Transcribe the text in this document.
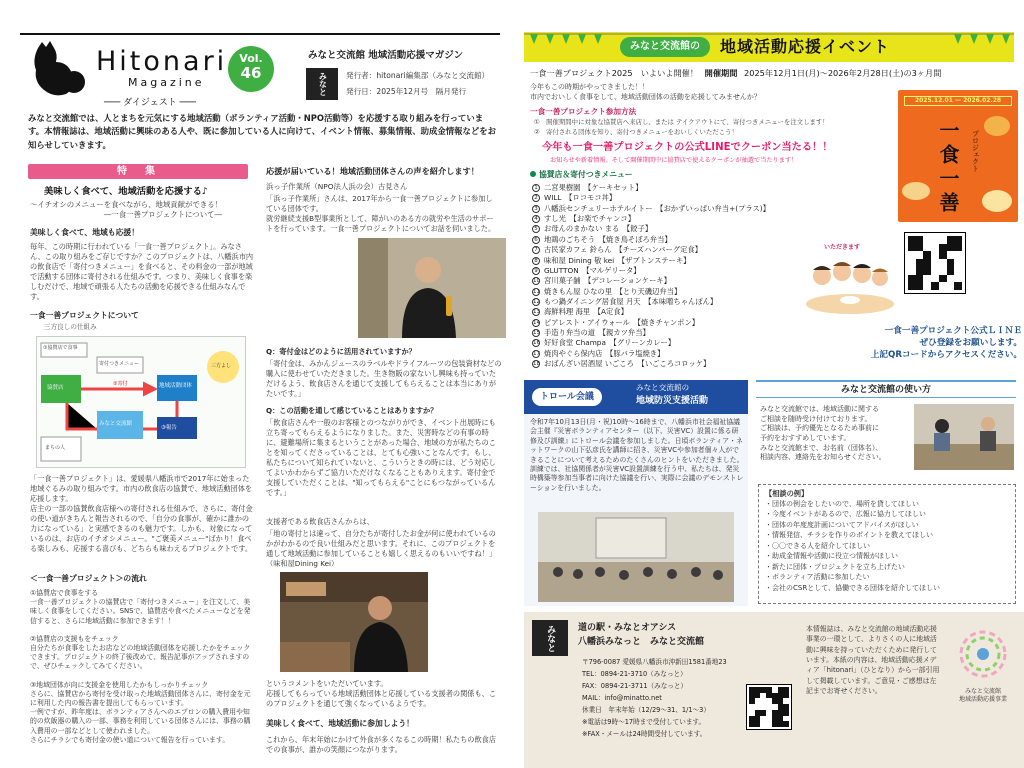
Hitonari
Magazine
─── ダイジェスト ───
Vol.
46
みなと交流館 地域活動応援マガジン
みなと 発行者：hitonari編集部（みなと交流館）
発行日：2025年12月号　隔月発行
みなと交流館では、人とまちを元気にする地域活動（ボランティア活動・NPO活動等）を応援する取り組みを行っています。本情報誌は、地域活動に興味のある人や、既に参加している人に向けて、イベント情報、募集情報、助成金情報などをお知らせしていきます。
特　集
美味しく食べて、地域活動を応援する♪
～イチオシのメニューを食べながら、地域貢献ができる！
　　　　　　　　　　―一食一善プロジェクトについて―
美味しく食べて、地域も応援！
毎年、この時期に行われている「一食一善プロジェクト」。みなさん、この取り組みをご存じですか？このプロジェクトは、八幡浜市内の飲食店で「寄付つきメニュー」を食べると、その料金の一部が地域で活動する団体に寄付される仕組みです。つまり、美味しく食事を楽しむだけで、地域で頑張る人たちの活動を応援できる仕組みなんです。
一食一善プロジェクトについて
三方良しの仕組み
①協賛店で食事
寄付つきメニュー
地域活動団体
協賛店
②寄付
みなと交流館
③報告
まちの人
三方よし
「一食一善プロジェクト」は、愛媛県八幡浜市で2017年に始まった地域ぐるみの取り組みです。市内の飲食店の協賛で、地域活動団体を応援します。
店主の一部の協賛飲食店様への寄付される仕組みで、さらに、寄付金の使い道がきちんと報告されるので、「自分の食事が、確かに誰かの力になっている」と実感できるのも魅力です。しかも、対象になっているのは、お店のイチオシメニュー。"ご褒美メニュー"ばかり！食べる楽しみも、応援する喜びも、どちらも味わえるプロジェクトです。
＜一食一善プロジェクト＞の流れ
①協賛店で食事をする
一食一善プロジェクトの協賛店で「寄付つきメニュー」を注文して、美味しく食事をしてください。SNSで、協賛店や食べたメニューなどを発信すると、さらに地域活動に参加できます！！

②協賛店の支援もをチェック
自分たちが食事をしたお店などの地域活動団体を応援したかをチェックできます。プロジェクトの終了後改めて、報告記事がアップされますので、ぜひチェックしてみてください。

③地域団体が向に支援金を使用したかもしっかりチェック
さらに、協賛店から寄付を受け取った地域活動団体さんに、寄付金を元に利用した内の報告書を提出してもらっています。
一例ですが、昨年度は、ボランティアさんへのエプロンの購入費用や知的の炊飯器の購入の一部、事務を利用している団体さんには、事務の購入費用の一部などとして使われました。
さらにチラシでも寄付金の使い道について報告を行っています。
応援が届いている！地域活動団体さんの声を紹介します！
浜っ子作業所（NPO法人浜の会）古見さん
「浜っ子作業所」さんは、2017年から一食一善プロジェクトに参加している団体です。
就労継続支援B型事業所として、障がいのある方の就労や生活のサポートを行っています。一食一善プロジェクトについてお話を伺いました。
Q：寄付金はどのように活用されていますか？
「寄付金は、みかんジュースのラベルやドライフルーツの包装資材などの購入に使わせていただきました。生き物販の家ないし興味も持っていただけるよう、飲食店さんを通じて支援してもらえることは本当にありがたいです。」
Q：この活動を通して感じていることはありますか？
「飲食店さんや一般のお客様とのつながりができ、イベント出展時にも立ち寄ってもらえるようになりました。また、災害時などの有事の時に、避難場所に集まるということがあった場合、地域の方が私たちのことを知ってくださっていることは、とても心強いことなんです。もし、私たちについて知られていないと、こういうときの時には、どう対応してよいかわからずご協力いただけなくなることもありえます。寄付金で支援していただくことは、"知ってもらえる"ことにもつながっているんです。」
支援者である飲食店さんからは、
「地の寄付とは違って、自分たちが寄付したお金が何に使われているのかがわかるので良い仕組みだと思います。それに、このプロジェクトを通して地域活動に参加していることも嬉しく思えるのもいいですね！」（味和屋Dining Kei）
というコメントをいただいています。
応援してもらっている地域活動団体と応援している支援者の関係も、このプロジェクトを通じて強くなっているようです。
美味しく食べて、地域活動に参加しよう！
これから、年末年始にかけて外食が多くなるこの時期！私たちの飲食店での食事が、誰かの笑顔につながります。
みなと交流館の	地域活動応援イベント
一食一善プロジェクト2025　いよいよ開催！ 開催期間 2025年12月1日(月)〜2026年2月28日(土)の3ヶ月間
今年もこの時期がやってきました！！
市内でおいしく食事をして、地域活動団体の活動を応援してみませんか？
一食一善プロジェクト参加方法
①　開催期間中に対象な協賛店へ来店し、または テイクアウトにて、寄付つきメニューを注文します！
②　寄付される団体を知り、寄付つきメニューをおいしくいただこう！
今年も一食一善プロジェクトの公式LINEでクーポン当たる！！
お知らせや新着情報、そして開催期間中に協賛店で使えるクーポンが抽選で当たります！
協賛店＆寄付つきメニュー
1 二宮果樹園　【ケーキセット】
2 WILL　【ロコモコ丼】
3 八幡浜センチュリーホテルイトー　【おかずいっぱい弁当+(プラス)】
4 すし光　【お楽でチャンコ】
5 お母んのまかない まる　【餃子】
6 地鶏のごちそう　【焼き鳥そぼろ弁当】
7 古民家カフェ 鈴らん　【チーズハンバーグ定食】
8 味和屋 Dining 敬 kei　【ザブトンステーキ】
9 GLUTTON　【マルゲリータ】
10 宮川菓子舗　【デコレーションケーキ】
11 焼きもん屋 ひなの里　【とり天磯辺弁当】
12 もつ鍋ダイニング居食屋 月天　【本味噌ちゃんぽん】
13 海鮮料理 海里　【A定食】
14 ピアレスト・アイウォール　【焼きチャンポン】
15 手造り弁当の道　【親カツ弁当】
16 好好食堂 Champa　【グリーンカレー】
17 焼肉やぐら保内店　【豚バラ塩焼き】
18 おばんざい居酒屋 いごころ　【いごころコロッケ】
2025.12.01 — 2026.02.28
一食一善 プロジェクト
いただきます
一食一善プロジェクト公式ＬＩＮＥ
ぜひ登録をお願いします。
上記QRコードからアクセスください。
トロール会議
みなと交流館の
地域防災支援活動
令和7年10月13日(月・祝)10時〜16時まで、八幡浜市社会福祉協議会主催『災害ボランティアセンター（以下、災害VC）設置に係る研修及び訓練』にトロール会議を参加しました。日頃ボランティア・ネットワークの山下弘彦氏を講師に招き、災害VCや参加者個々人ができることについて考えるためのたくさんのヒントをいただきました。訓練では、社協関係者が災害VC設置訓練を行う中、私たちは、発災時構築等参加当事者に向けた協議を行い、実際に会議のデモンストレーションを行いました。
みなと交流館の使い方
みなと交流館では、地域活動に関する
ご相談を随時受け付けております。
ご相談は、予約優先となるため事前に
予約をおすすめしています。
みなと交流館まで、お名前（団体名）、
相談内容、連絡先をお知らせください。
【相談の例】
・団体の例会をしたいので、場所を貸してほしい
・今度イベントがあるので、広報に協力してほしい
・団体の年度度計画についてアドバイスがほしい
・情報発信、チラシを作りのポイントを教えてほしい
・〇〇できる人を紹介してほしい
・助成金情報や活動に役立つ情報がほしい
・新たに団体・プロジェクトを立ち上げたい
・ボランティア活動に参加したい
・会社のCSRとして、協働できる団体を紹介してほしい
みなと	道の駅・みなとオアシス
八幡浜みなっと　みなと交流館
〒796-0087 愛媛県八幡浜市沖新田1581番地23
TEL：0894-21-3710（みなっと）
FAX：0894-21-3711（みなっと）
MAIL：info@minatto.net
休業日　年末年始（12/29〜31、1/1〜3）
※電話は9時〜17時まで受付しています。
※FAX・メールは24時間受付しています。
本情報誌は、みなと交流館の地域活動応援事業の一環として、よりさくの人に地域活動に興味を持っていただくために発行しています。本紙の内容は、地域活動応援メディア「hitonari」（ひとなり）から一部引用して掲載しています。ご意見・ご感想は左記までお寄せください。	みなと交流館
地域活動応援事業
